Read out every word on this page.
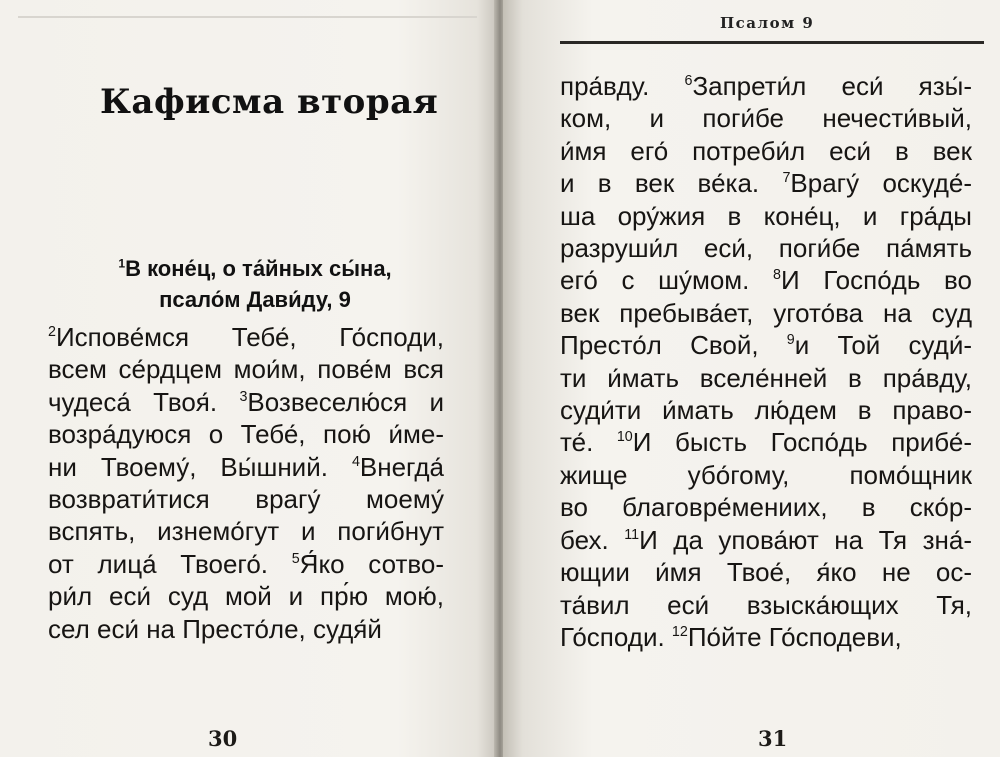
Кафисма вторая
$^1$В коне́ц, о та́йных сы́на,
псало́м Дави́ду, 9
$^2$Испове́мся Тебе́, Го́споди,
всем се́рдцем мои́м, пове́м вся
чудеса́ Твоя́. $^3$Возвеселю́ся и
возра́дуюся о Тебе́, пою́ и́ме-
ни Твоему́, Вы́шний. $^4$Внегда́
возврати́тися врагу́ моему́
вспять, изнемо́гут и поги́бнут
от лица́ Твоего́. $^5$Я́ко сотво-
ри́л еси́ суд мой и пр́ю мою́,
сел еси́ на Престо́ле, судя́й
30
Псалом 9
пра́вду. $^6$Запрети́л еси́ язы́-
ком, и поги́бе нечести́вый,
и́мя его́ потреби́л еси́ в век
и в век ве́ка. $^7$Врагу́ оскуде́-
ша ору́жия в коне́ц, и гра́ды
разруши́л еси́, поги́бе па́мять
его́ с шу́мом. $^8$И Госпо́дь во
век пребыва́ет, угото́ва на суд
Престо́л Свой, $^9$и Той суди́-
ти и́мать вселе́нней в пра́вду,
суди́ти и́мать лю́дем в право-
те́. $^{10}$И бысть Госпо́дь прибе́-
жище убо́гому, помо́щник
во благовре́мениих, в ско́р-
бех. $^{11}$И да упова́ют на Тя зна́-
ющии и́мя Твое́, я́ко не ос-
та́вил еси́ взыска́ющих Тя,
Го́споди. $^{12}$По́йте Го́сподеви,
31
